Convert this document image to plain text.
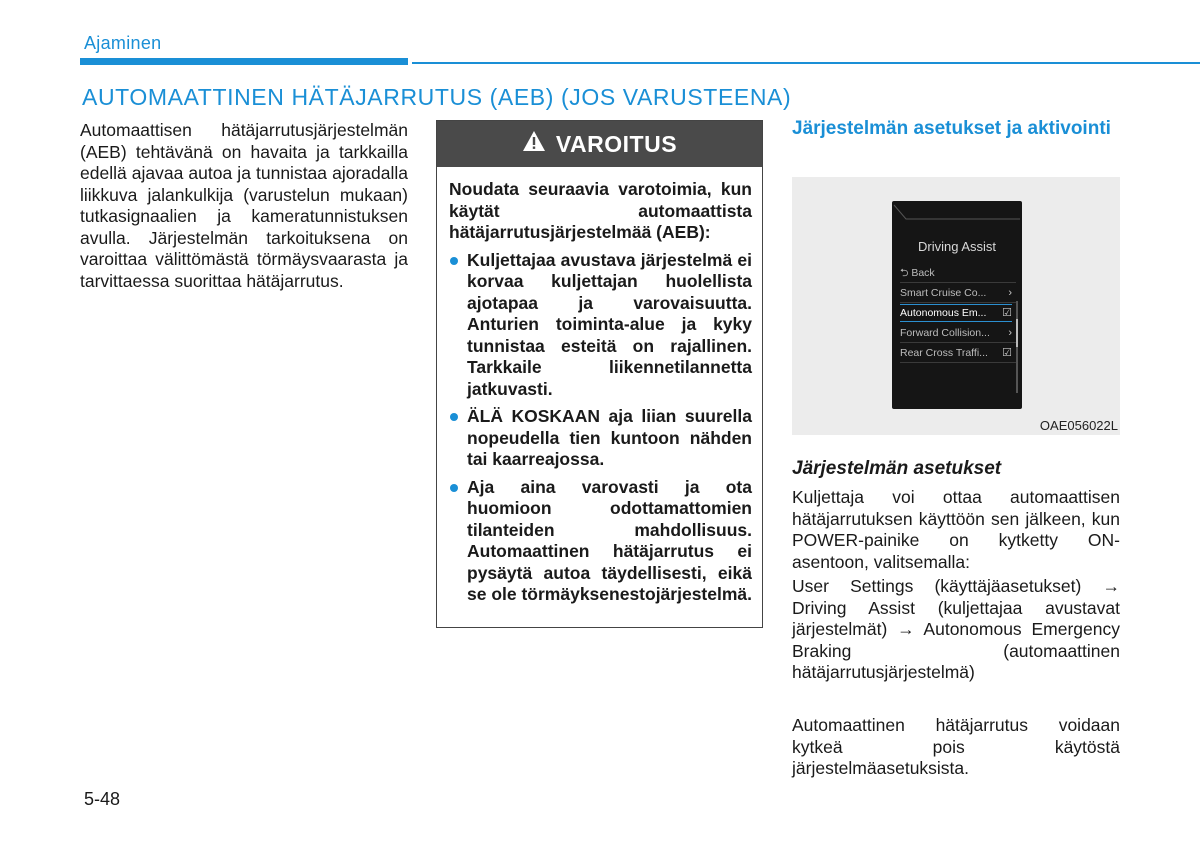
Ajaminen
AUTOMAATTINEN HÄTÄJARRUTUS (AEB) (JOS VARUSTEENA)

Automaattisen hätäjarrutusjärjestelmän (AEB) tehtävänä on havaita ja tarkkailla edellä ajavaa autoa ja tunnistaa ajoradalla liikkuva jalankulkija (varustelun mukaan) tutkasignaalien ja kameratunnistuksen avulla. Järjestelmän tarkoituksena on varoittaa välittömästä törmäysvaarasta ja tarvittaessa suorittaa hätäjarrutus.

VAROITUS

Noudata seuraavia varotoimia, kun käytät automaattista hätäjarrutusjärjestelmää (AEB):

Kuljettajaa avustava järjestelmä ei korvaa kuljettajan huolellista ajotapaa ja varovaisuutta. Anturien toiminta-alue ja kyky tunnistaa esteitä on rajallinen. Tarkkaile liikennetilannetta jatkuvasti.
ÄLÄ KOSKAAN aja liian suurella nopeudella tien kuntoon nähden tai kaarreajossa.
Aja aina varovasti ja ota huomioon odottamattomien tilanteiden mahdollisuus. Automaattinen hätäjarrutus ei pysäytä autoa täydellisesti, eikä se ole törmäyksenestojärjestelmä.
Järjestelmän asetukset ja aktivointi
Driving Assist
⮌ Back
Smart Cruise Co... ›
Autonomous Em... ☑
Forward Collision... ›
Rear Cross Traffi... ☑
OAE056022L
Järjestelmän asetukset

Kuljettaja voi ottaa automaattisen hätäjarrutuksen käyttöön sen jälkeen, kun POWER-painike on kytketty ON-asentoon, valitsemalla:

User Settings (käyttäjäasetukset) → Driving Assist (kuljettajaa avustavat järjestelmät) → Autonomous Emergency Braking (automaattinen hätäjarrutusjärjestelmä)

Automaattinen hätäjarrutus voidaan kytkeä pois käytöstä järjestelmäasetuksista.

5-48
